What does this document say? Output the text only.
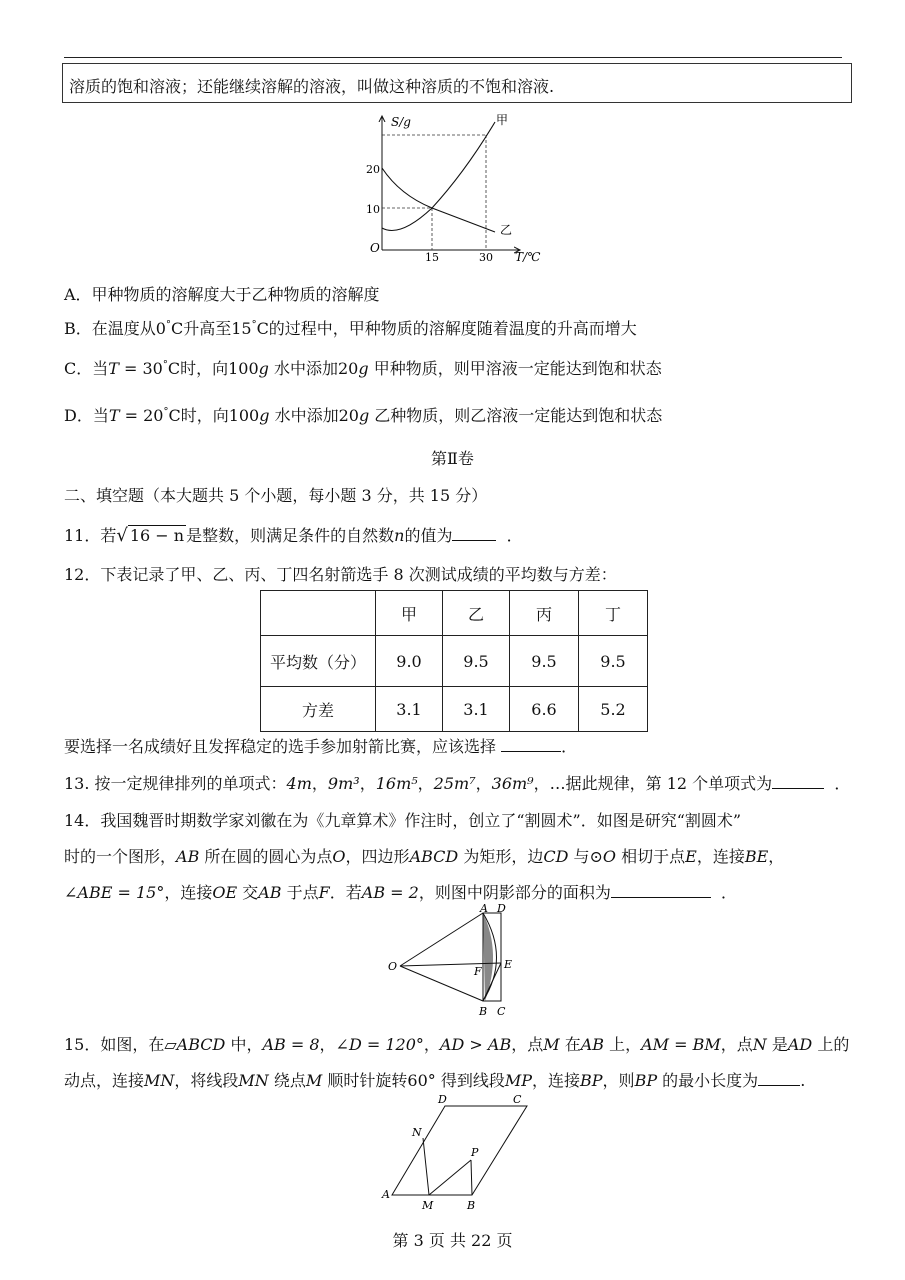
溶质的饱和溶液；还能继续溶解的溶液，叫做这种溶质的不饱和溶液.
S/g
T/℃
O
20
10
15	30
甲
乙
A．甲种物质的溶解度大于乙种物质的溶解度
B．在温度从0°C升高至15°C的过程中，甲种物质的溶解度随着温度的升高而增大
C．当T = 30°C时，向100g 水中添加20g 甲种物质，则甲溶液一定能达到饱和状态
D．当T = 20°C时，向100g 水中添加20g 乙种物质，则乙溶液一定能达到饱和状态
第Ⅱ卷
二、填空题（本大题共 5 个小题，每小题 3 分，共 15 分）
11．若√ 16 − n 是整数，则满足条件的自然数n的值为	．
12．下表记录了甲、乙、丙、丁四名射箭选手 8 次测试成绩的平均数与方差：
	甲	乙	丙	丁
平均数（分）	9.0	9.5	9.5	9.5
方差	3.1	3.1	6.6	5.2
要选择一名成绩好且发挥稳定的选手参加射箭比赛，应该选择	．
13. 按一定规律排列的单项式：4m，9m³，16m⁵，25m⁷，36m⁹，…据此规律，第 12 个单项式为	．
14．我国魏晋时期数学家刘徽在为《九章算术》作注时，创立了“割圆术”．如图是研究“割圆术”
时的一个图形，AB 所在圆的圆心为点O，四边形ABCD 为矩形，边CD 与⊙O 相切于点E，连接BE，
∠ABE = 15°，连接OE 交AB 于点F．若AB = 2，则图中阴影部分的面积为	．
A D
O	F
E
B C
15．如图，在▱ABCD 中，AB = 8，∠D = 120°，AD > AB，点M 在AB 上，AM = BM，点N 是AD 上的
动点，连接MN，将线段MN 绕点M 顺时针旋转60° 得到线段MP，连接BP，则BP 的最小长度为	.
D	C
N
P
A
M	B
第 3 页 共 22 页
